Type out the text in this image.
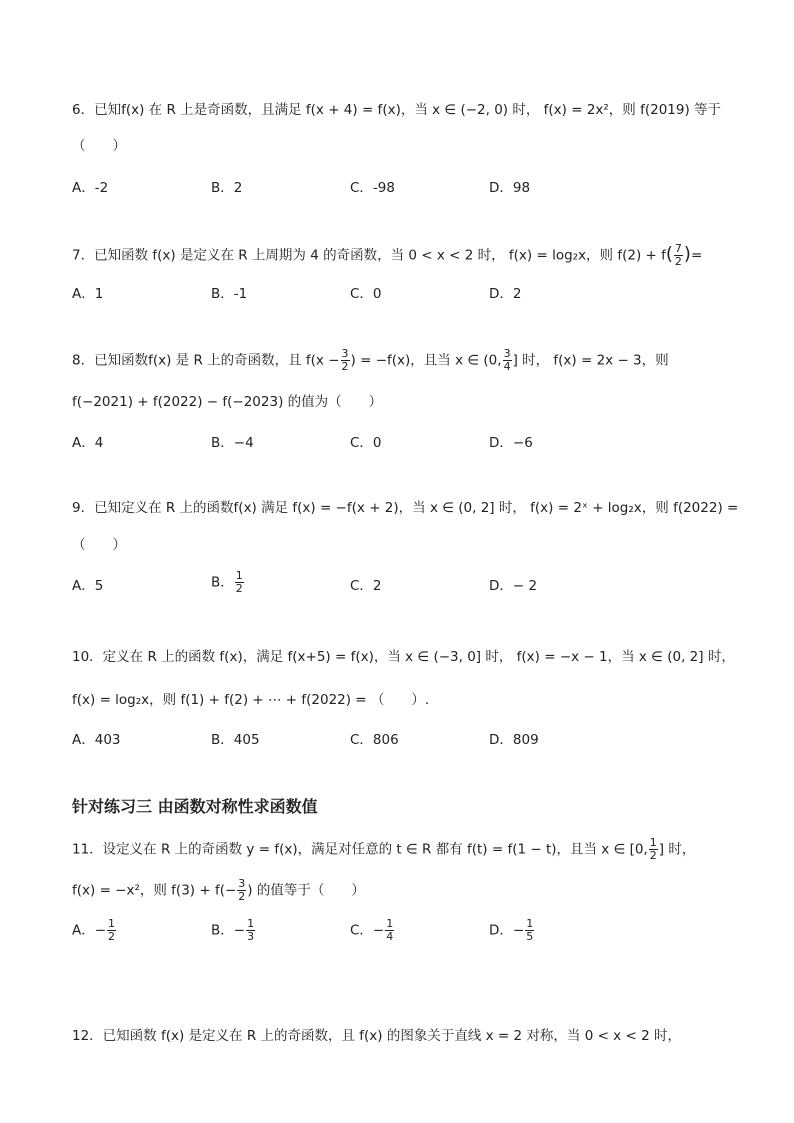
6．已知f(x) 在 R 上是奇函数，且满足 f(x + 4) = f(x)，当 x ∈ (−2, 0) 时， f(x) = 2x²，则 f(2019) 等于
（　　）
A．-2	B．2	C．-98	D．98
7．已知函数 f(x) 是定义在 R 上周期为 4 的奇函数，当 0 < x < 2 时， f(x) = log₂x，则 $f(2) + f( \frac{7}{2}$ )=
A．1	B．-1	C．0	D．2
8．已知函数f(x) 是 R 上的奇函数，且 $f(x - \frac{3}{2}$ ) = −f(x)，且当 x ∈ (0, $\frac{3}{4}$ ] 时， f(x) = 2x − 3，则
f(−2021) + f(2022) − f(−2023) 的值为（　　）
A．4	B．−4	C．0	D．−6
9．已知定义在 R 上的函数f(x) 满足 f(x) = −f(x + 2)，当 x ∈ (0, 2] 时， f(x) = 2ˣ + log₂x，则 f(2022) =
（　　）
A．5	B． $\frac{1}{2}$	C．2	D．− 2
10．定义在 R 上的函数 f(x)，满足 f(x+5) = f(x)，当 x ∈ (−3, 0] 时， f(x) = −x − 1，当 x ∈ (0, 2] 时，
f(x) = log₂x，则 f(1) + f(2) + ⋯ + f(2022) = （　　）.
A．403	B．405	C．806	D．809
针对练习三 由函数对称性求函数值
11．设定义在 R 上的奇函数 y = f(x)，满足对任意的 t ∈ R 都有 f(t) = f(1 − t)，且当 x ∈ [0, $\frac{1}{2}$ ] 时，
f(x) = −x²，则 $f(3) + f(- \frac{3}{2}$ ) 的值等于（　　）
A．− $\frac{1}{2}$	B．− $\frac{1}{3}$	C．− $\frac{1}{4}$	D．− $\frac{1}{5}$
12．已知函数 f(x) 是定义在 R 上的奇函数，且 f(x) 的图象关于直线 x = 2 对称，当 0 < x < 2 时，
